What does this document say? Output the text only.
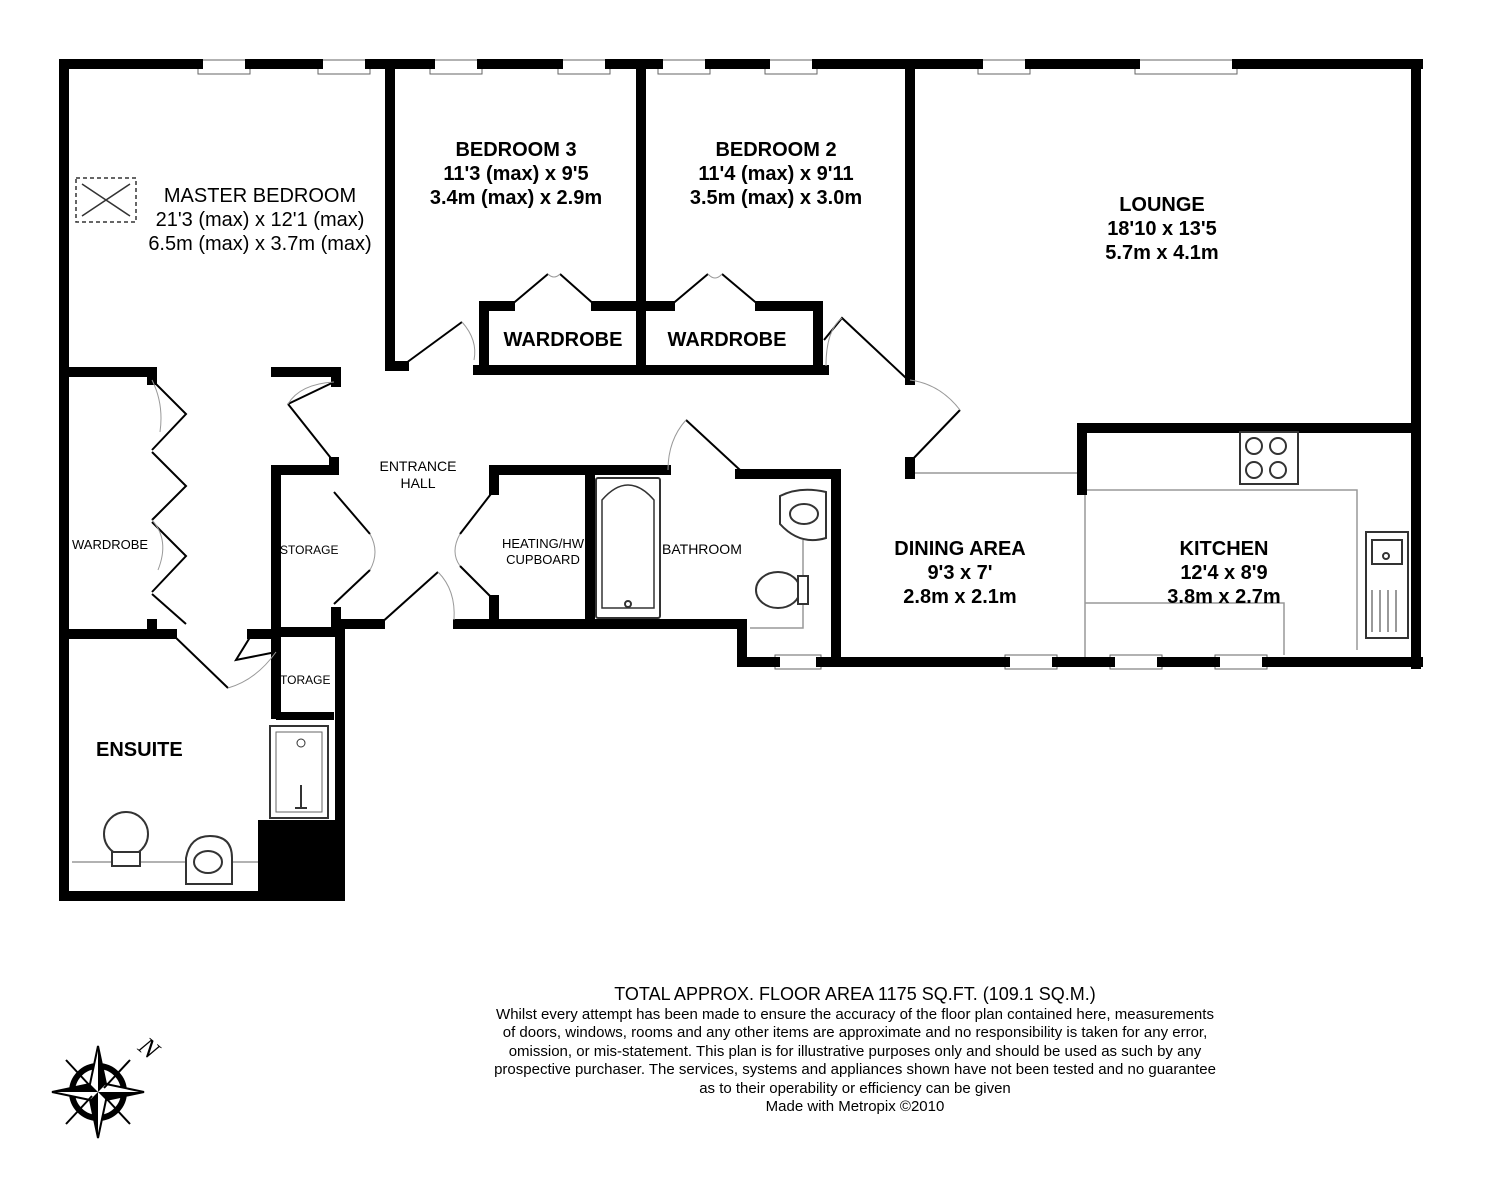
N
MASTER BEDROOM
21'3 (max) x 12'1 (max)
6.5m (max) x 3.7m (max)
BEDROOM 3
11'3 (max) x 9'5
3.4m (max) x 2.9m
BEDROOM 2
11'4 (max) x 9'11
3.5m (max) x 3.0m	LOUNGE
18'10 x 13'5
5.7m x 4.1m
DINING AREA
9'3 x 7'
2.8m x 2.1m
KITCHEN
12'4 x 8'9
3.8m x 2.7m
ENSUITE
WARDROBE	WARDROBE
WARDROBE
ENTRANCE
HALL
STORAGE
STORAGE
HEATING/HW
CUPBOARD
BATHROOM
TOTAL APPROX. FLOOR AREA 1175 SQ.FT. (109.1 SQ.M.)
Whilst every attempt has been made to ensure the accuracy of the floor plan contained here, measurements
of doors, windows, rooms and any other items are approximate and no responsibility is taken for any error,
omission, or mis-statement. This plan is for illustrative purposes only and should be used as such by any
prospective purchaser. The services, systems and appliances shown have not been tested and no guarantee
as to their operability or efficiency can be given
Made with Metropix ©2010
